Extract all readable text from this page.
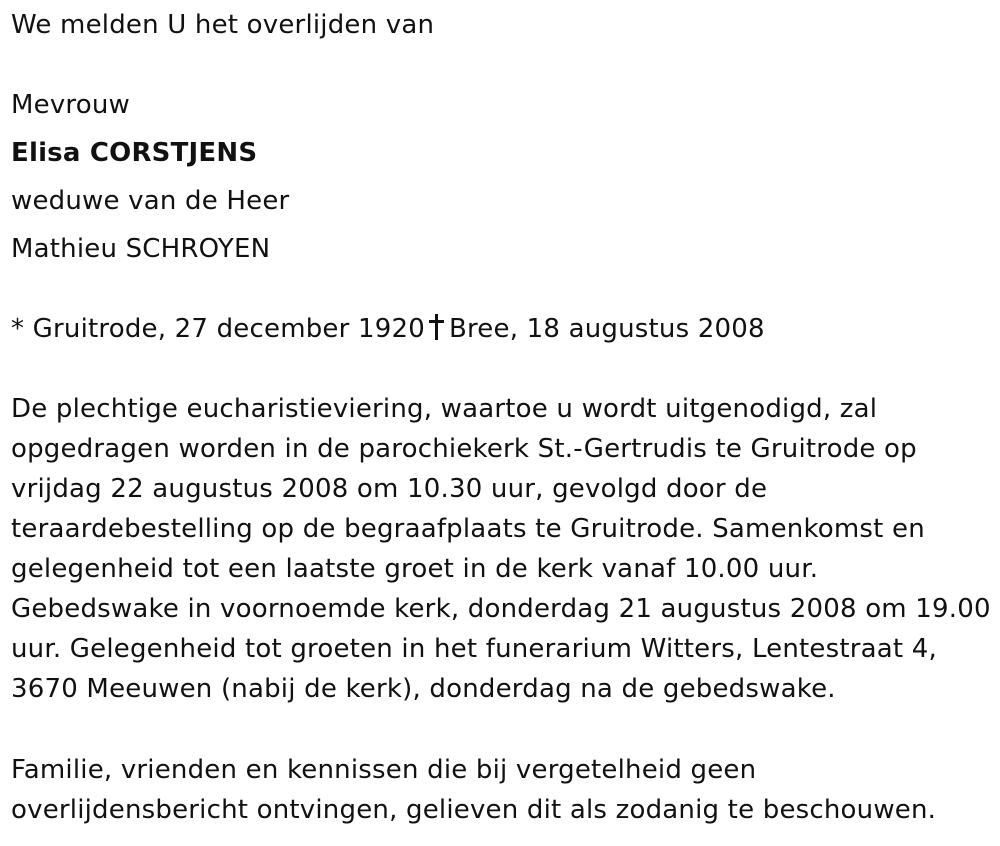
We melden U het overlijden van
Mevrouw
Elisa CORSTJENS
weduwe van de Heer
Mathieu SCHROYEN
* Gruitrode, 27 december 1920 Bree, 18 augustus 2008
De plechtige eucharistieviering, waartoe u wordt uitgenodigd, zal
opgedragen worden in de parochiekerk St.-Gertrudis te Gruitrode op
vrijdag 22 augustus 2008 om 10.30 uur, gevolgd door de
teraardebestelling op de begraafplaats te Gruitrode. Samenkomst en
gelegenheid tot een laatste groet in de kerk vanaf 10.00 uur.
Gebedswake in voornoemde kerk, donderdag 21 augustus 2008 om 19.00
uur. Gelegenheid tot groeten in het funerarium Witters, Lentestraat 4,
3670 Meeuwen (nabij de kerk), donderdag na de gebedswake.
Familie, vrienden en kennissen die bij vergetelheid geen
overlijdensbericht ontvingen, gelieven dit als zodanig te beschouwen.
